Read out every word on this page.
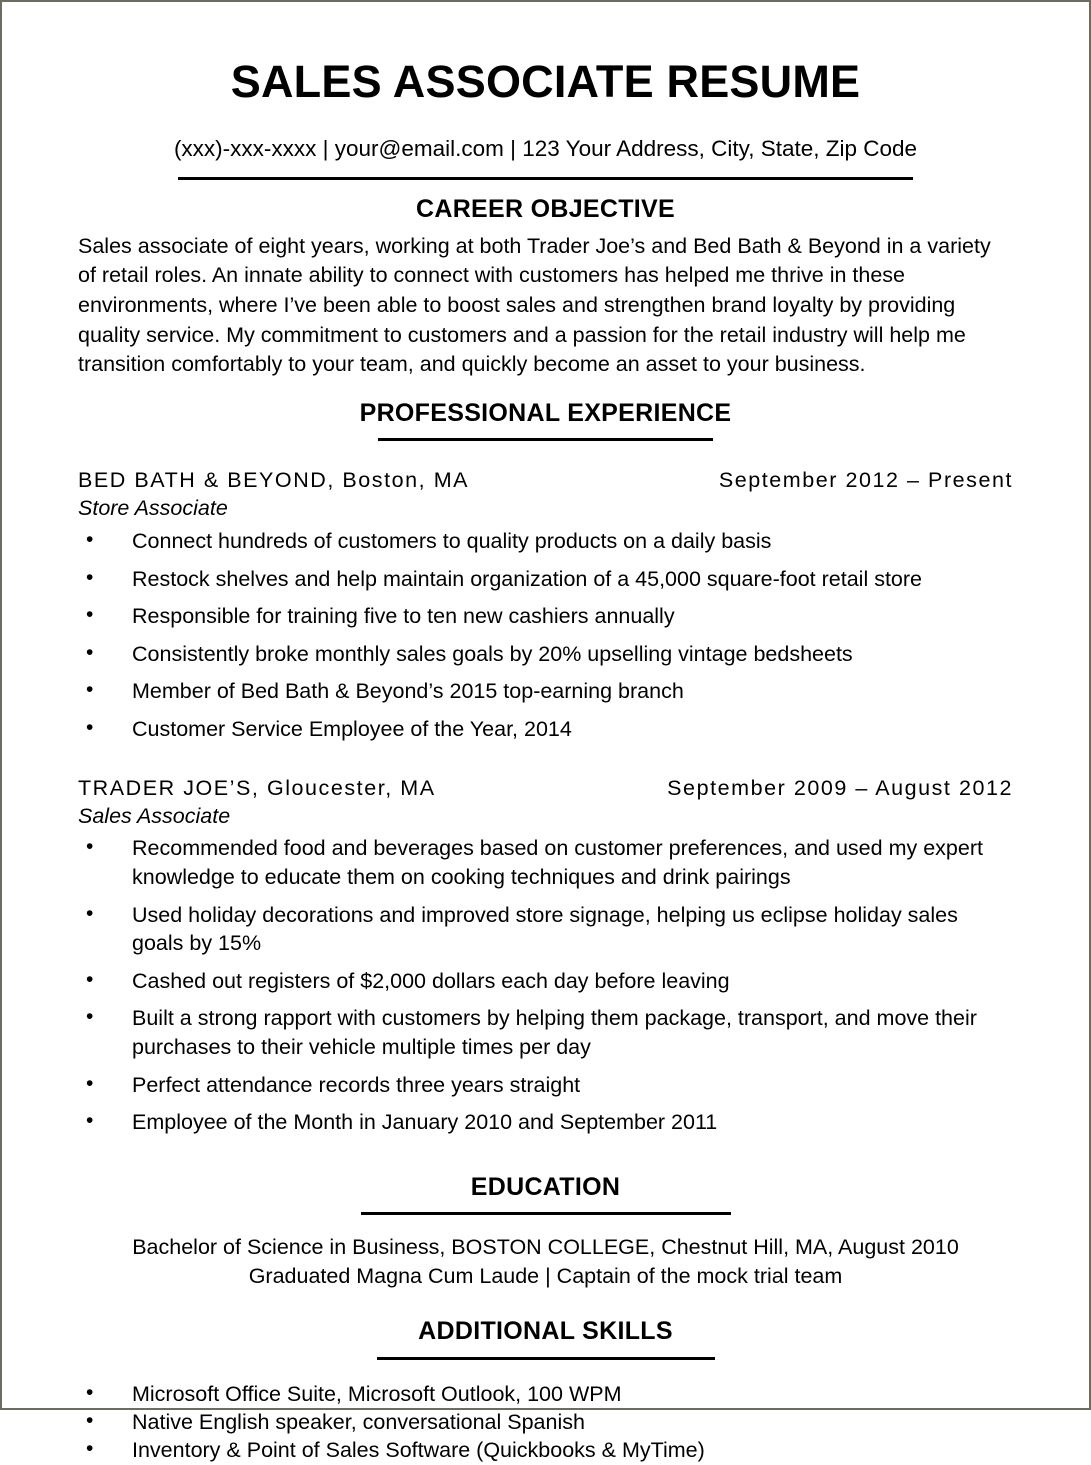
SALES ASSOCIATE RESUME

(xxx)-xxx-xxxx | your@email.com | 123 Your Address, City, State, Zip Code

CAREER OBJECTIVE

Sales associate of eight years, working at both Trader Joe’s and Bed Bath & Beyond in a variety of retail roles. An innate ability to connect with customers has helped me thrive in these environments, where I’ve been able to boost sales and strengthen brand loyalty by providing quality service. My commitment to customers and a passion for the retail industry will help me transition comfortably to your team, and quickly become an asset to your business.

PROFESSIONAL EXPERIENCE
BED BATH & BEYOND, Boston, MA	September 2012 – Present
Store Associate
• Connect hundreds of customers to quality products on a daily basis
• Restock shelves and help maintain organization of a 45,000 square-foot retail store
• Responsible for training five to ten new cashiers annually
• Consistently broke monthly sales goals by 20% upselling vintage bedsheets
• Member of Bed Bath & Beyond’s 2015 top-earning branch
• Customer Service Employee of the Year, 2014
TRADER JOE’S, Gloucester, MA	September 2009 – August 2012
Sales Associate
• Recommended food and beverages based on customer preferences, and used my expert knowledge to educate them on cooking techniques and drink pairings
• Used holiday decorations and improved store signage, helping us eclipse holiday sales goals by 15%
• Cashed out registers of $2,000 dollars each day before leaving
• Built a strong rapport with customers by helping them package, transport, and move their purchases to their vehicle multiple times per day
• Perfect attendance records three years straight
• Employee of the Month in January 2010 and September 2011
EDUCATION
Bachelor of Science in Business, BOSTON COLLEGE, Chestnut Hill, MA, August 2010
Graduated Magna Cum Laude | Captain of the mock trial team
ADDITIONAL SKILLS
• Microsoft Office Suite, Microsoft Outlook, 100 WPM
• Native English speaker, conversational Spanish
• Inventory & Point of Sales Software (Quickbooks & MyTime)
